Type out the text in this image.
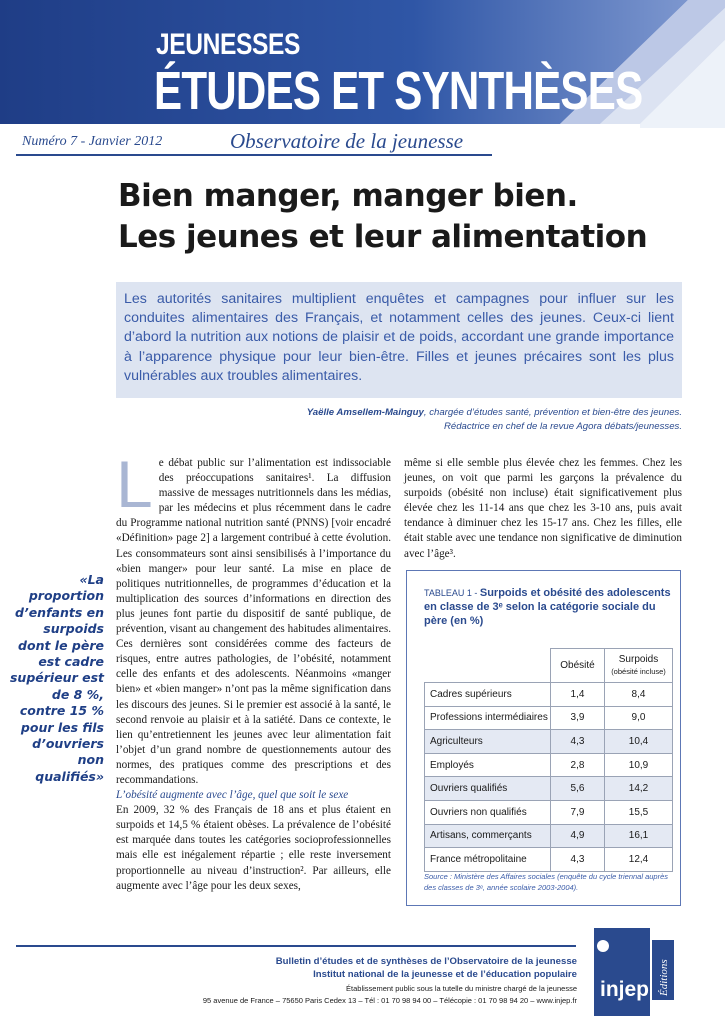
JEUNESSES
ÉTUDES ET SYNTHÈSES
Numéro 7 - Janvier 2012	Observatoire de la jeunesse
Bien manger, manger bien.
Les jeunes et leur alimentation
Les autorités sanitaires multiplient enquêtes et campagnes pour influer sur les conduites alimentaires des Français, et notamment celles des jeunes. Ceux-ci lient d’abord la nutrition aux notions de plaisir et de poids, accordant une grande importance à l’apparence physique pour leur bien-être. Filles et jeunes précaires sont les plus vulnérables aux troubles alimentaires.
Yaëlle Amsellem-Mainguy, chargée d’études santé, prévention et bien-être des jeunes.
Rédactrice en chef de la revue Agora débats/jeunesses.
L e débat public sur l’alimentation est indissociable des préoccupations sanitaires¹. La diffusion massive de messages nutritionnels dans les médias, par les médecins et plus récemment dans le cadre du Programme national nutrition santé (PNNS) [voir encadré «Définition» page 2] a largement contribué à cette évolution. Les consommateurs sont ainsi sensibilisés à l’importance du «bien manger» pour leur santé. La mise en place de politiques nutritionnelles, de programmes d’éducation et la multiplication des sources d’informations en direction des plus jeunes font partie du dispositif de santé publique, de prévention, visant au changement des habitudes alimentaires. Ces dernières sont considérées comme des facteurs de risques, entre autres pathologies, de l’obésité, notamment celle des enfants et des adolescents. Néanmoins «manger bien» et «bien manger» n’ont pas la même signification dans les discours des jeunes. Si le premier est associé à la santé, le second renvoie au plaisir et à la satiété. Dans ce contexte, le lien qu’entretiennent les jeunes avec leur alimentation fait l’objet d’un grand nombre de questionnements autour des normes, des pratiques comme des prescriptions et des recommandations.

L’obésité augmente avec l’âge, quel que soit le sexe

En 2009, 32 % des Français de 18 ans et plus étaient en surpoids et 14,5 % étaient obèses. La prévalence de l’obésité est marquée dans toutes les catégories socioprofessionnelles mais elle est inégalement répartie ; elle reste inversement proportionnelle au niveau d’instruction². Par ailleurs, elle augmente avec l’âge pour les deux sexes,

«La proportion d’enfants en surpoids dont le père est cadre supérieur est de 8 %, contre 15 % pour les fils d’ouvriers non qualifiés»

même si elle semble plus élevée chez les femmes. Chez les jeunes, on voit que parmi les garçons la prévalence du surpoids (obésité non incluse) était significativement plus élevée chez les 11-14 ans que chez les 3-10 ans, puis avait tendance à diminuer chez les 15-17 ans. Chez les filles, elle était stable avec une tendance non significative de diminution avec l’âge³.

TABLEAU 1 - Surpoids et obésité des adolescents en classe de 3ᵉ selon la catégorie sociale du père (en %)
	Obésité	Surpoids
(obésité incluse)

Cadres supérieurs	1,4	8,4
Professions intermédiaires	3,9	9,0
Agriculteurs	4,3	10,4
Employés	2,8	10,9
Ouvriers qualifiés	5,6	14,2
Ouvriers non qualifiés	7,9	15,5
Artisans, commerçants	4,9	16,1
France métropolitaine	4,3	12,4
Source : Ministère des Affaires sociales (enquête du cycle triennal auprès des classes de 3ᵉ, année scolaire 2003-2004).
Bulletin d’études et de synthèses de l’Observatoire de la jeunesse
Institut national de la jeunesse et de l’éducation populaire
Établissement public sous la tutelle du ministre chargé de la jeunesse
95 avenue de France – 75650 Paris Cedex 13 – Tél : 01 70 98 94 00 – Télécopie : 01 70 98 94 20 – www.injep.fr injep Éditions
